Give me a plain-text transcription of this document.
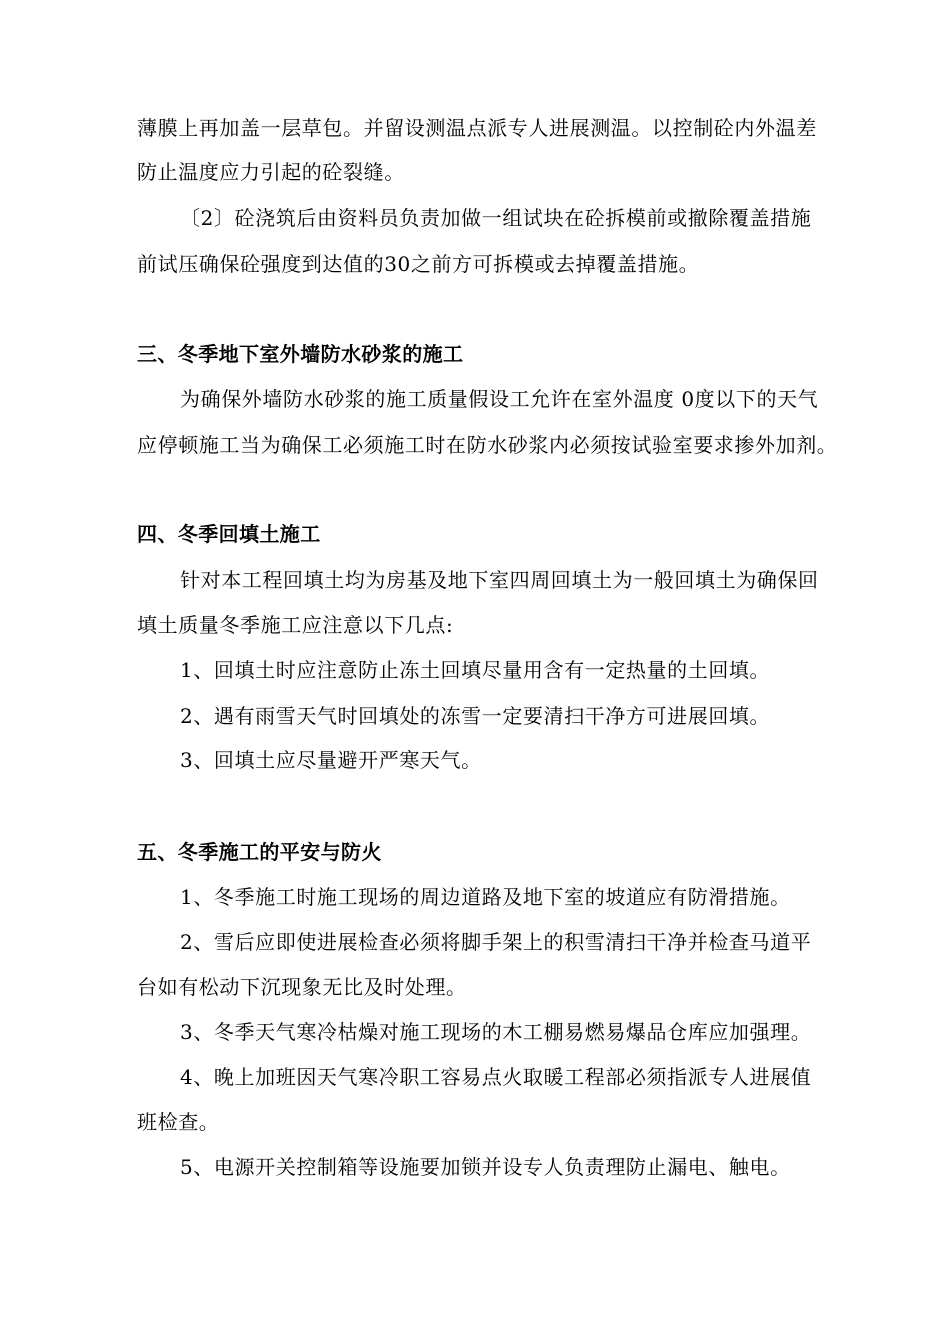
薄膜上再加盖一层草包。并留设测温点派专人进展测温。以控制砼内外温差
防止温度应力引起的砼裂缝。
〔2〕砼浇筑后由资料员负责加做一组试块在砼拆模前或撤除覆盖措施
前试压确保砼强度到达值的30之前方可拆模或去掉覆盖措施。
三、冬季地下室外墙防水砂浆的施工
为确保外墙防水砂浆的施工质量假设工允许在室外温度 0度以下的天气
应停顿施工当为确保工必须施工时在防水砂浆内必须按试验室要求掺外加剂。
四、冬季回填土施工
针对本工程回填土均为房基及地下室四周回填土为一般回填土为确保回
填土质量冬季施工应注意以下几点:
1、回填土时应注意防止冻土回填尽量用含有一定热量的土回填。
2、遇有雨雪天气时回填处的冻雪一定要清扫干净方可进展回填。
3、回填土应尽量避开严寒天气。
五、冬季施工的平安与防火
1、冬季施工时施工现场的周边道路及地下室的坡道应有防滑措施。
2、雪后应即使进展检查必须将脚手架上的积雪清扫干净并检查马道平
台如有松动下沉现象无比及时处理。
3、冬季天气寒冷枯燥对施工现场的木工棚易燃易爆品仓库应加强理。
4、晚上加班因天气寒冷职工容易点火取暖工程部必须指派专人进展值
班检查。
5、电源开关控制箱等设施要加锁并设专人负责理防止漏电、触电。
